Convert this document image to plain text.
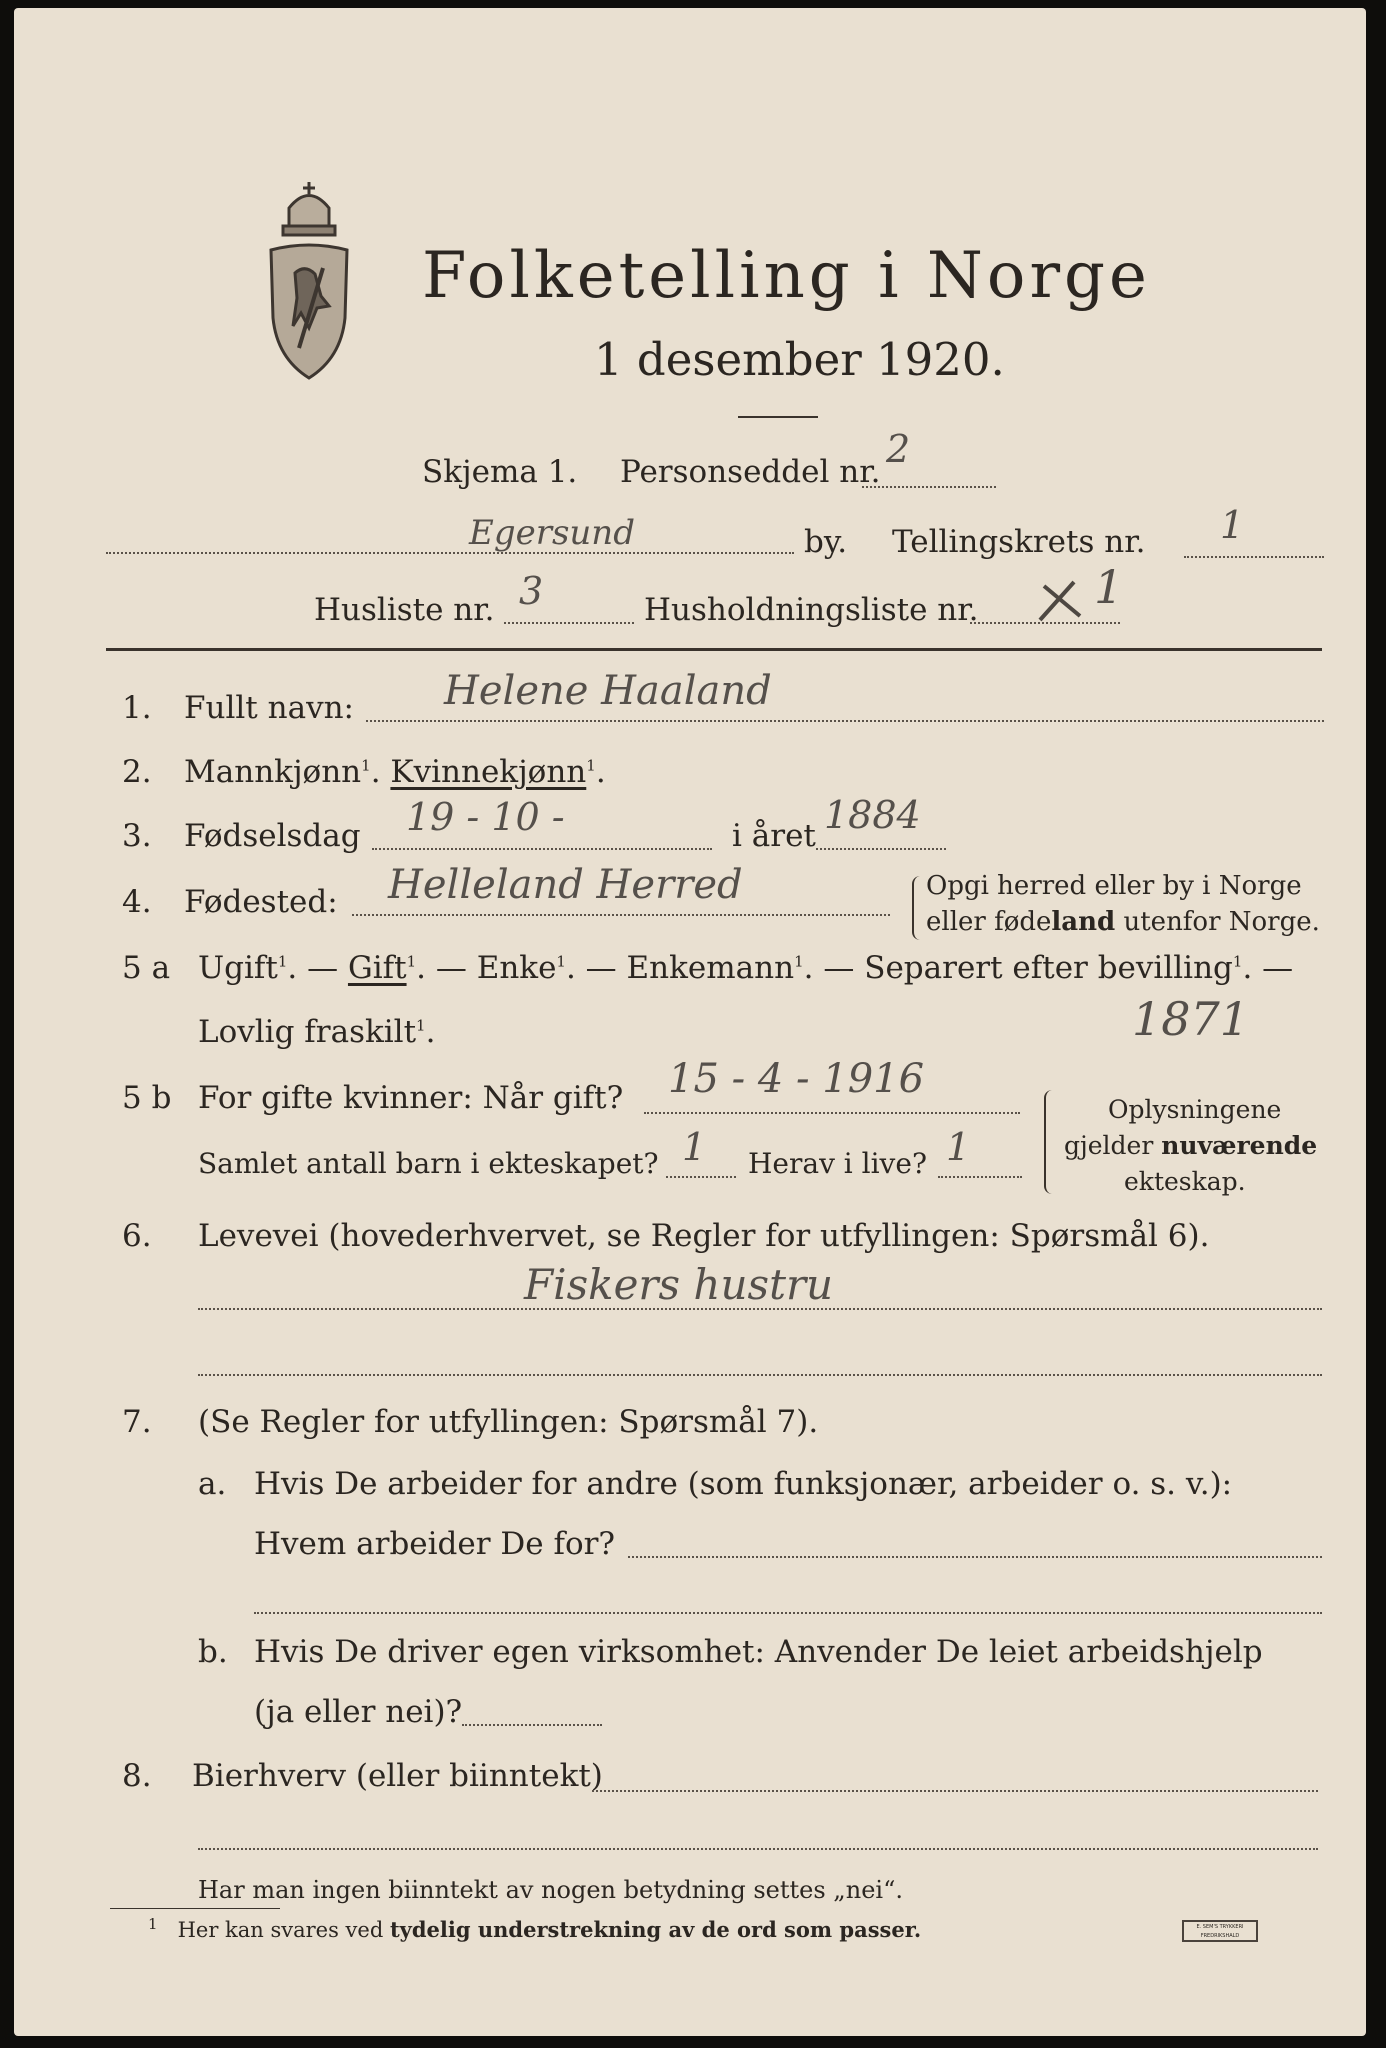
Folketelling i Norge
1 desember 1920.
Skjema 1. Personseddel nr.
2
Egersund	by. Tellingskrets nr. 1
Husliste nr. 3	Husholdningsliste nr.	1
1. Fullt navn: Helene Haaland
2. Mannkjønn$^1$. Kvinnekjønn$^1$.
3. Fødselsdag 19 - 10 -	i året 1884
4. Fødested: Helleland Herred	Opgi herred eller by i Norge
eller fødeland utenfor Norge.
5 a Ugift$^1$. — Gift$^1$. — Enke$^1$. — Enkemann$^1$. — Separert efter bevilling$^1$. —
Lovlig fraskilt$^1$.	1871
5 b For gifte kvinner: Når gift? 15 - 4 - 1916
Samlet antall barn i ekteskapet? 1 Herav i live? 1
Oplysningene
gjelder nuværende
ekteskap.
6. Levevei (hovederhvervet, se Regler for utfyllingen: Spørsmål 6).
Fiskers hustru
7. (Se Regler for utfyllingen: Spørsmål 7).
a. Hvis De arbeider for andre (som funksjonær, arbeider o. s. v.):
Hvem arbeider De for?
b. Hvis De driver egen virksomhet: Anvender De leiet arbeidshjelp
(ja eller nei)?
8. Bierhverv (eller biinntekt)
Har man ingen biinntekt av nogen betydning settes „nei“.
$^1$ Her kan svares ved tydelig understrekning av de ord som passer.	E. SEM'S TRYKKERI FREDRIKSHALD
